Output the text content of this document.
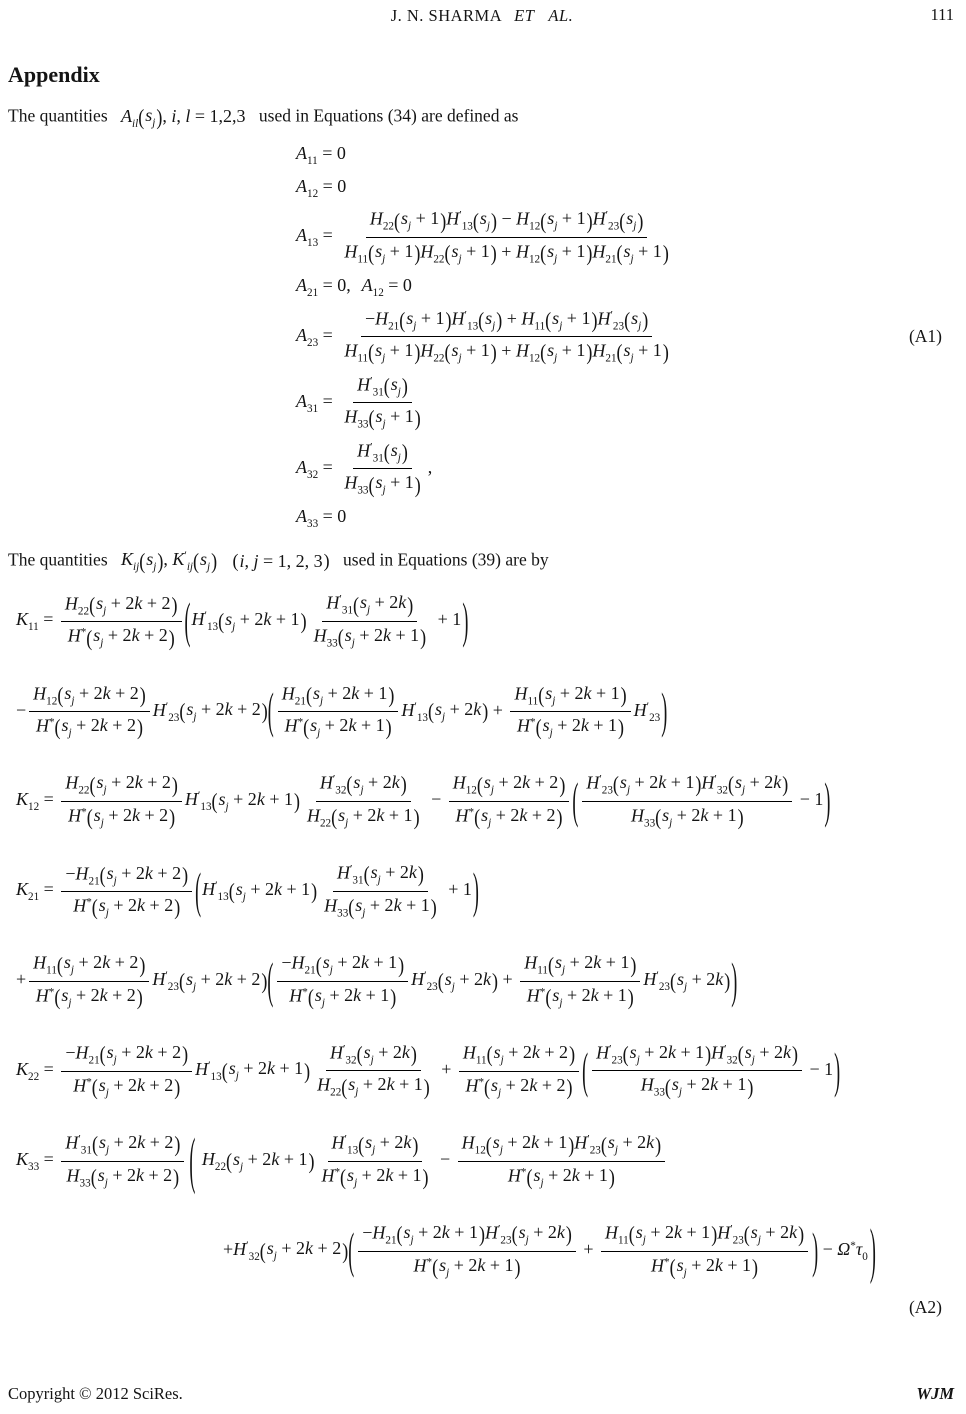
J. N. SHARMA ET AL.	111
Appendix
The quantities $A_{il}$ ( $s_j$ ) , i, l = 1,2,3 used in Equations (34) are defined as
$A_{11} = 0$
$A_{12} = 0$
$A_{13} = \frac{H_{22} ( s_j + 1 ) H'_{13} ( s_j ) - H_{12} ( s_j + 1 ) H'_{23} ( s_j )}{H_{11} ( s_j + 1 ) H_{22} ( s_j + 1 ) + H_{12} ( s_j + 1 ) H_{21} ( s_j + 1 )}$
$A_{21} = 0$, $A_{12} = 0$
(A1)
$A_{23} = \frac{-H_{21} ( s_j + 1 ) H'_{13} ( s_j ) + H_{11} ( s_j + 1 ) H'_{23} ( s_j )}{H_{11} ( s_j + 1 ) H_{22} ( s_j + 1 ) + H_{12} ( s_j + 1 ) H_{21} ( s_j + 1 )}$
$A_{31} = \frac{H'_{31} ( s_j )}{H_{33} ( s_j + 1 )}$
$A_{32} = \frac{H'_{31} ( s_j )}{H_{33} ( s_j + 1 )}$ ,
$A_{33} = 0$
The quantities $K_{ij}$ ( $s_j$ ) , $K'_{ij}$ ( $s_j$ )
( i, j = 1, 2, 3 ) used in Equations (39) are by
$K_{11} = \frac{H_{22} ( s_j + 2k + 2 )}{H^* ( s_j + 2k + 2 )}$ ( $H'_{13}$ ( $s_j + 2k + 1$ ) $\frac{H'_{31} ( s_j + 2k )}{H_{33} ( s_j + 2k + 1 )} + 1$ )
− $\frac{H_{12} ( s_j + 2k + 2 )}{H^* ( s_j + 2k + 2 )} H'_{23}$ ( $s_j + 2k + 2$ ) ( $\frac{H_{21} ( s_j + 2k + 1 )}{H^* ( s_j + 2k + 1 )} H'_{13}$ ( $s_j + 2k$ ) + $\frac{H_{11} ( s_j + 2k + 1 )}{H^* ( s_j + 2k + 1 )} H'_{23}$ )
$K_{12} = \frac{H_{22} ( s_j + 2k + 2 )}{H^* ( s_j + 2k + 2 )} H'_{13}$ ( $s_j + 2k + 1$ ) $\frac{H'_{32} ( s_j + 2k )}{H_{22} ( s_j + 2k + 1 )} - \frac{H_{12} ( s_j + 2k + 2 )}{H^* ( s_j + 2k + 2 )}$ ( $\frac{H'_{23} ( s_j + 2k + 1 ) H'_{32} ( s_j + 2k )}{H_{33} ( s_j + 2k + 1 )} - 1$ )
$K_{21} = \frac{-H_{21} ( s_j + 2k + 2 )}{H^* ( s_j + 2k + 2 )}$ ( $H'_{13}$ ( $s_j + 2k + 1$ ) $\frac{H'_{31} ( s_j + 2k )}{H_{33} ( s_j + 2k + 1 )} + 1$ )
+ $\frac{H_{11} ( s_j + 2k + 2 )}{H^* ( s_j + 2k + 2 )} H'_{23}$ ( $s_j + 2k + 2$ ) ( $\frac{-H_{21} ( s_j + 2k + 1 )}{H^* ( s_j + 2k + 1 )} H'_{23}$ ( $s_j + 2k$ ) + $\frac{H_{11} ( s_j + 2k + 1 )}{H^* ( s_j + 2k + 1 )} H'_{23}$ ( $s_j + 2k$ ) )
$K_{22} = \frac{-H_{21} ( s_j + 2k + 2 )}{H^* ( s_j + 2k + 2 )} H'_{13}$ ( $s_j + 2k + 1$ ) $\frac{H'_{32} ( s_j + 2k )}{H_{22} ( s_j + 2k + 1 )} + \frac{H_{11} ( s_j + 2k + 2 )}{H^* ( s_j + 2k + 2 )}$ ( $\frac{H'_{23} ( s_j + 2k + 1 ) H'_{32} ( s_j + 2k )}{H_{33} ( s_j + 2k + 1 )} - 1$ )
$K_{33} = \frac{H'_{31} ( s_j + 2k + 2 )}{H_{33} ( s_j + 2k + 2 )}$ ( $H_{22}$ ( $s_j + 2k + 1$ ) $\frac{H'_{13} ( s_j + 2k )}{H^* ( s_j + 2k + 1 )} - \frac{H_{12} ( s_j + 2k + 1 ) H'_{23} ( s_j + 2k )}{H^* ( s_j + 2k + 1 )}$
$+H'_{32}$ ( $s_j + 2k + 2$ ) ( $\frac{-H_{21} ( s_j + 2k + 1 ) H'_{23} ( s_j + 2k )}{H^* ( s_j + 2k + 1 )} + \frac{H_{11} ( s_j + 2k + 1 ) H'_{23} ( s_j + 2k )}{H^* ( s_j + 2k + 1 )}$ ) − $\Omega^*\tau_0$ )
(A2)
Copyright © 2012 SciRes.	WJM
